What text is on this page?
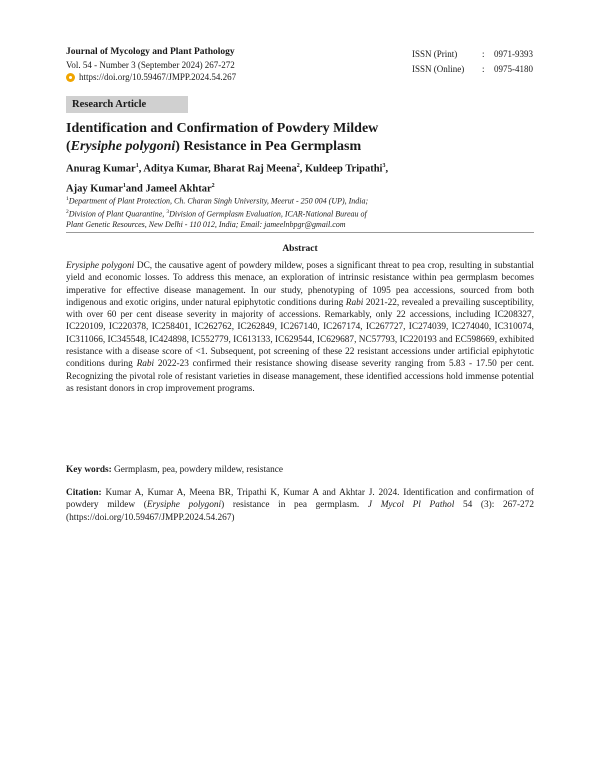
Journal of Mycology and Plant Pathology
Vol. 54 - Number 3 (September 2024) 267-272
https://doi.org/10.59467/JMPP.2024.54.267
ISSN (Print)	:	0971-9393
ISSN (Online)	:	0975-4180
Research Article
Identification and Confirmation of Powdery Mildew
(Erysiphe polygoni) Resistance in Pea Germplasm
Anurag Kumar$^1$, Aditya Kumar, Bharat Raj Meena$^2$, Kuldeep Tripathi$^3$,
Ajay Kumar$^1$and Jameel Akhtar$^2$
$^1$Department of Plant Protection, Ch. Charan Singh University, Meerut - 250 004 (UP), India;
$^2$Division of Plant Quarantine, $^3$Division of Germplasm Evaluation, ICAR-National Bureau of
Plant Genetic Resources, New Delhi - 110 012, India; Email: jameelnbpgr@gmail.com
Abstract
Erysiphe polygoni DC, the causative agent of powdery mildew, poses a significant threat to pea crop, resulting in substantial yield and economic losses. To address this menace, an exploration of intrinsic resistance within pea germplasm becomes imperative for effective disease management. In our study, phenotyping of 1095 pea accessions, sourced from both indigenous and exotic origins, under natural epiphytotic conditions during Rabi 2021-22, revealed a prevailing susceptibility, with over 60 per cent disease severity in majority of accessions. Remarkably, only 22 accessions, including IC208327, IC220109, IC220378, IC258401, IC262762, IC262849, IC267140, IC267174, IC267727, IC274039, IC274040, IC310074, IC311066, IC345548, IC424898, IC552779, IC613133, IC629544, IC629687, NC57793, IC220193 and EC598669, exhibited resistance with a disease score of <1. Subsequent, pot screening of these 22 resistant accessions under artificial epiphytotic conditions during Rabi 2022-23 confirmed their resistance showing disease severity ranging from 5.83 - 17.50 per cent. Recognizing the pivotal role of resistant varieties in disease management, these identified accessions hold immense potential as resistant donors in crop improvement programs.
Key words: Germplasm, pea, powdery mildew, resistance
Citation: Kumar A, Kumar A, Meena BR, Tripathi K, Kumar A and Akhtar J. 2024. Identification and confirmation of powdery mildew (Erysiphe polygoni) resistance in pea germplasm. J Mycol Pl Pathol 54 (3): 267-272 (https://doi.org/10.59467/JMPP.2024.54.267)
